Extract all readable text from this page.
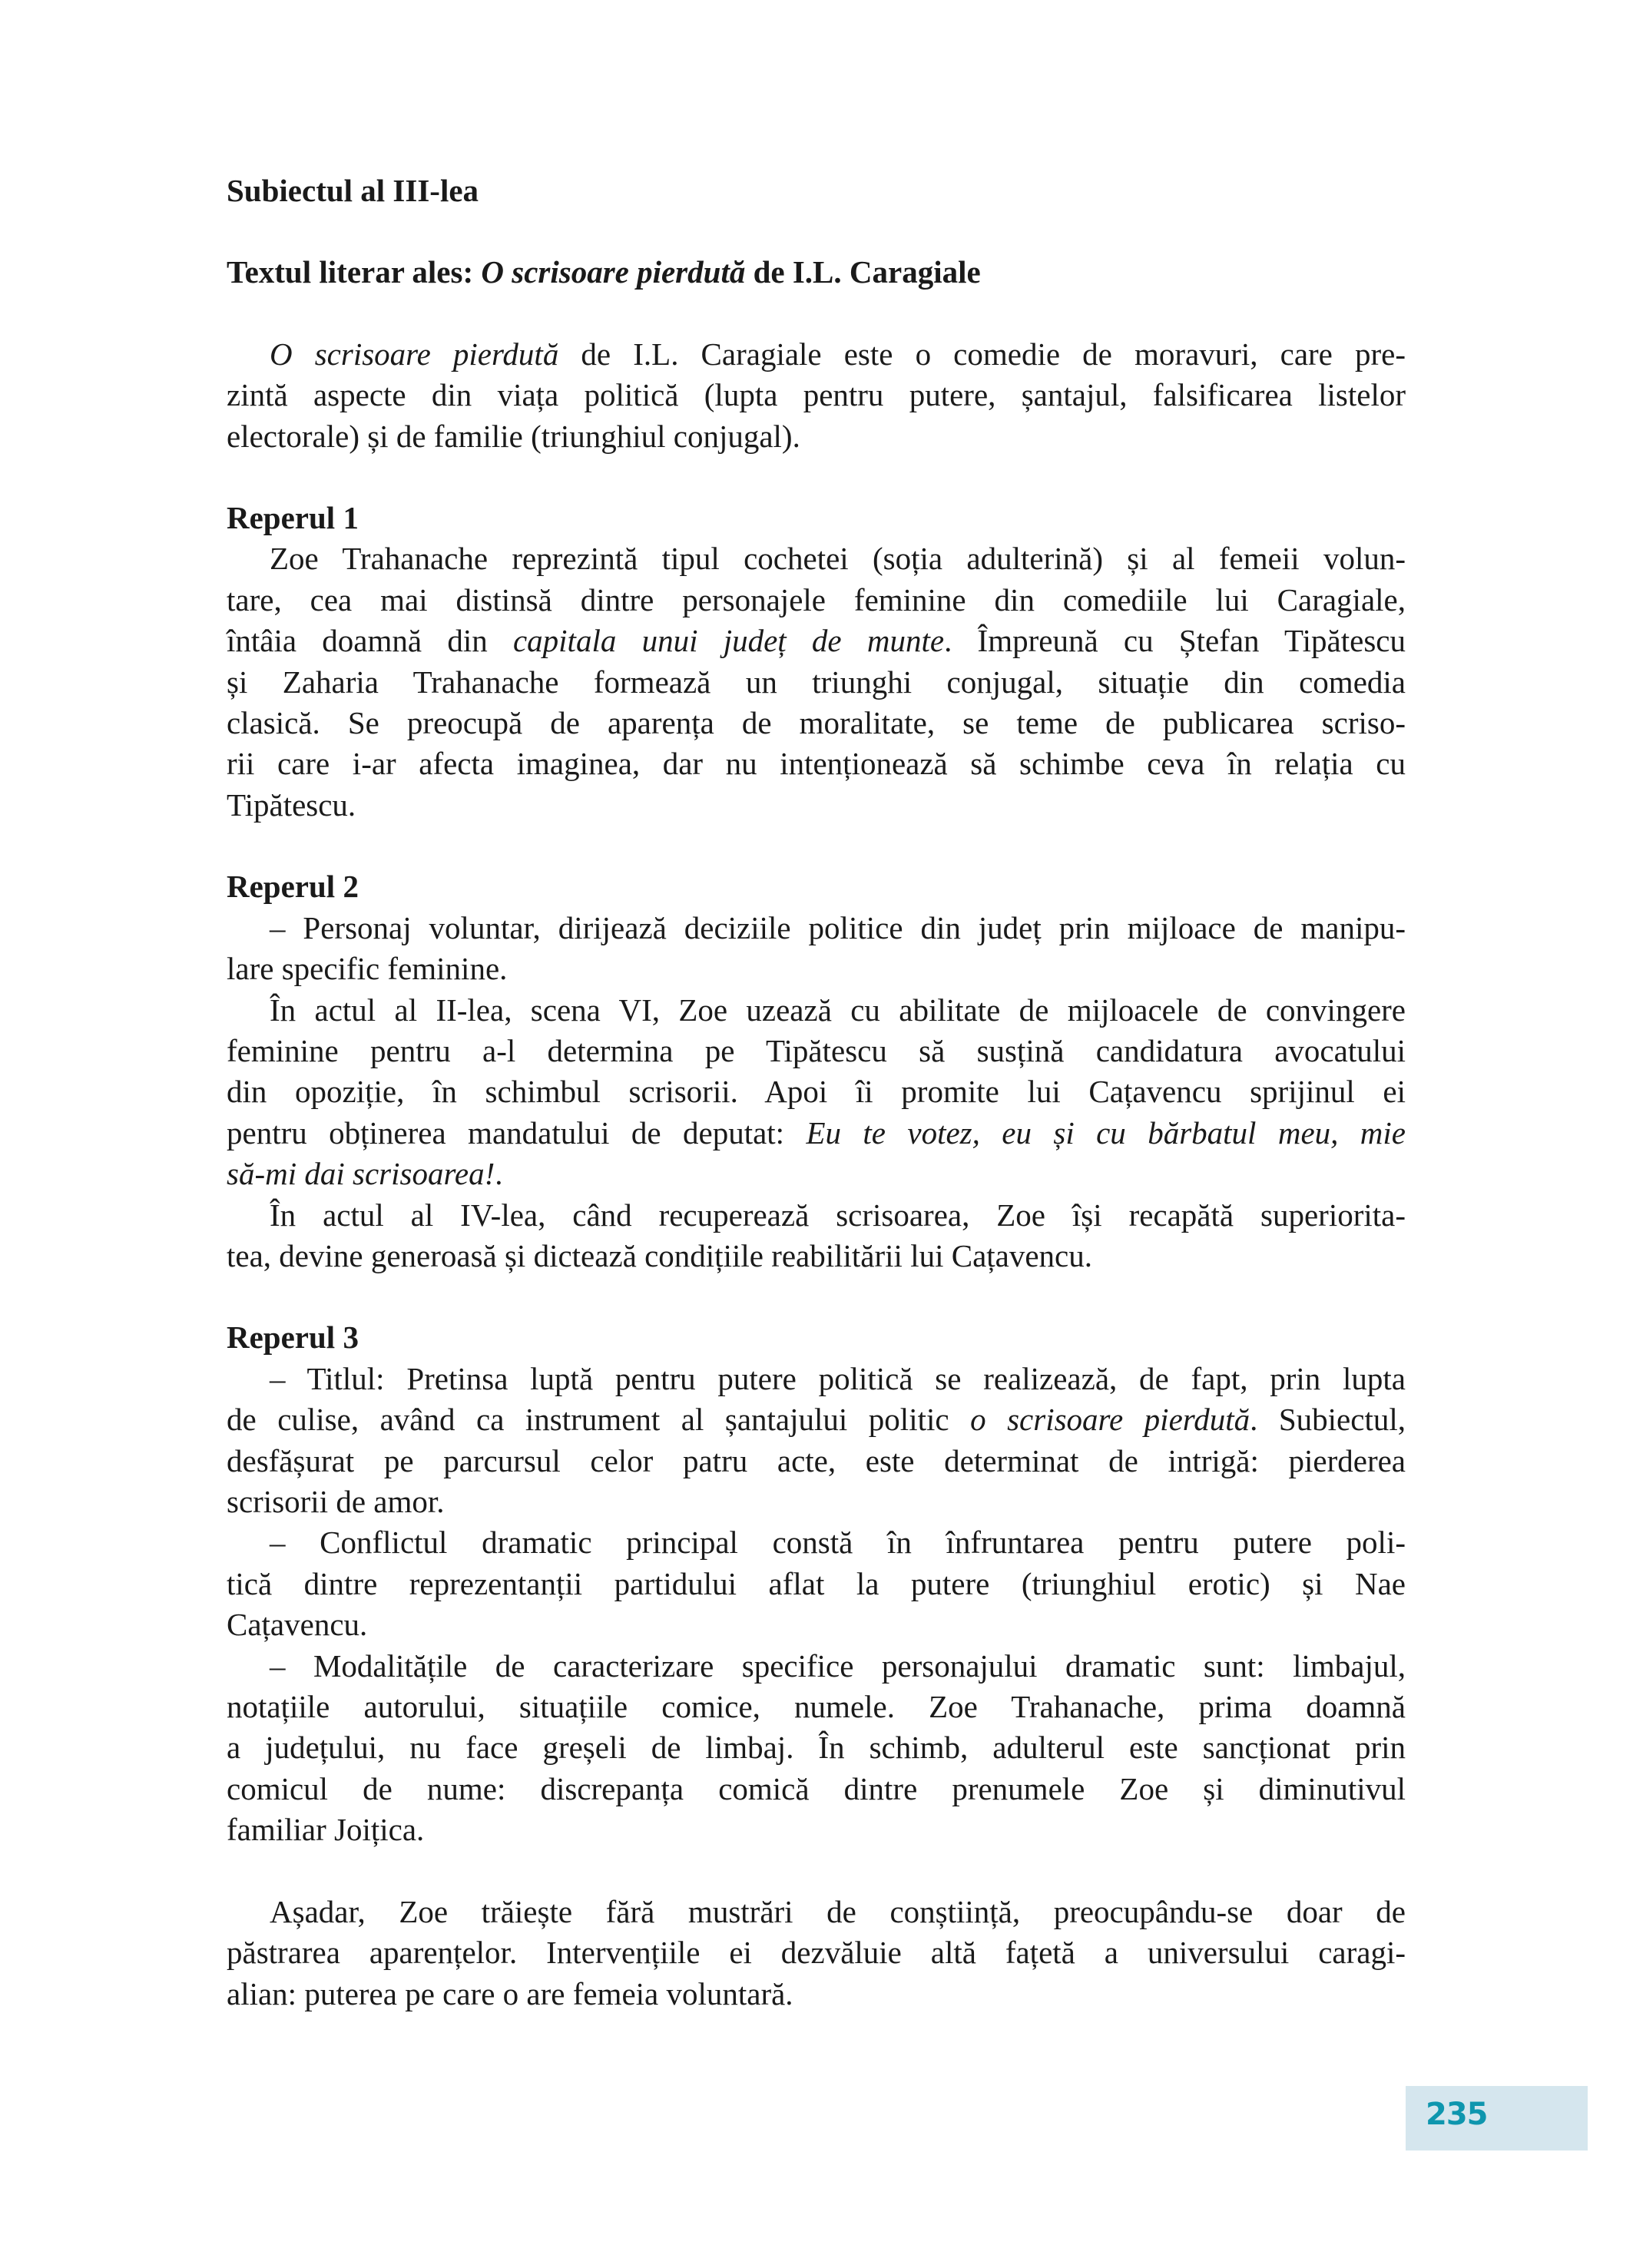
Subiectul al III-lea

Textul literar ales: O scrisoare pierdută de I.L. Caragiale

O scrisoare pierdută de I.L. Caragiale este o comedie de moravuri, care pre-
zintă aspecte din viața politică (lupta pentru putere, șantajul, falsificarea listelor
electorale) și de familie (triunghiul conjugal).

Reperul 1

Zoe Trahanache reprezintă tipul cochetei (soția adulterină) și al femeii volun-
tare, cea mai distinsă dintre personajele feminine din comediile lui Caragiale,
întâia doamnă din capitala unui județ de munte. Împreună cu Ștefan Tipătescu
și Zaharia Trahanache formează un triunghi conjugal, situație din comedia
clasică. Se preocupă de aparența de moralitate, se teme de publicarea scriso-
rii care i-ar afecta imaginea, dar nu intenționează să schimbe ceva în relația cu
Tipătescu.

Reperul 2

– Personaj voluntar, dirijează deciziile politice din județ prin mijloace de manipu-
lare specific feminine.
În actul al II-lea, scena VI, Zoe uzează cu abilitate de mijloacele de convingere
feminine pentru a-l determina pe Tipătescu să susțină candidatura avocatului
din opoziție, în schimbul scrisorii. Apoi îi promite lui Cațavencu sprijinul ei
pentru obținerea mandatului de deputat: Eu te votez, eu și cu bărbatul meu, mie
să-mi dai scrisoarea!.
În actul al IV-lea, când recuperează scrisoarea, Zoe își recapătă superiorita-
tea, devine generoasă și dictează condițiile reabilitării lui Cațavencu.

Reperul 3

– Titlul: Pretinsa luptă pentru putere politică se realizează, de fapt, prin lupta
de culise, având ca instrument al șantajului politic o scrisoare pierdută. Subiectul,
desfășurat pe parcursul celor patru acte, este determinat de intrigă: pierderea
scrisorii de amor.
– Conflictul dramatic principal constă în înfruntarea pentru putere poli-
tică dintre reprezentanții partidului aflat la putere (triunghiul erotic) și Nae
Cațavencu.
– Modalitățile de caracterizare specifice personajului dramatic sunt: limbajul,
notațiile autorului, situațiile comice, numele. Zoe Trahanache, prima doamnă
a județului, nu face greșeli de limbaj. În schimb, adulterul este sancționat prin
comicul de nume: discrepanța comică dintre prenumele Zoe și diminutivul
familiar Joițica.
Așadar, Zoe trăiește fără mustrări de conștiință, preocupându-se doar de
păstrarea aparențelor. Intervențiile ei dezvăluie altă fațetă a universului caragi-
alian: puterea pe care o are femeia voluntară.
235
